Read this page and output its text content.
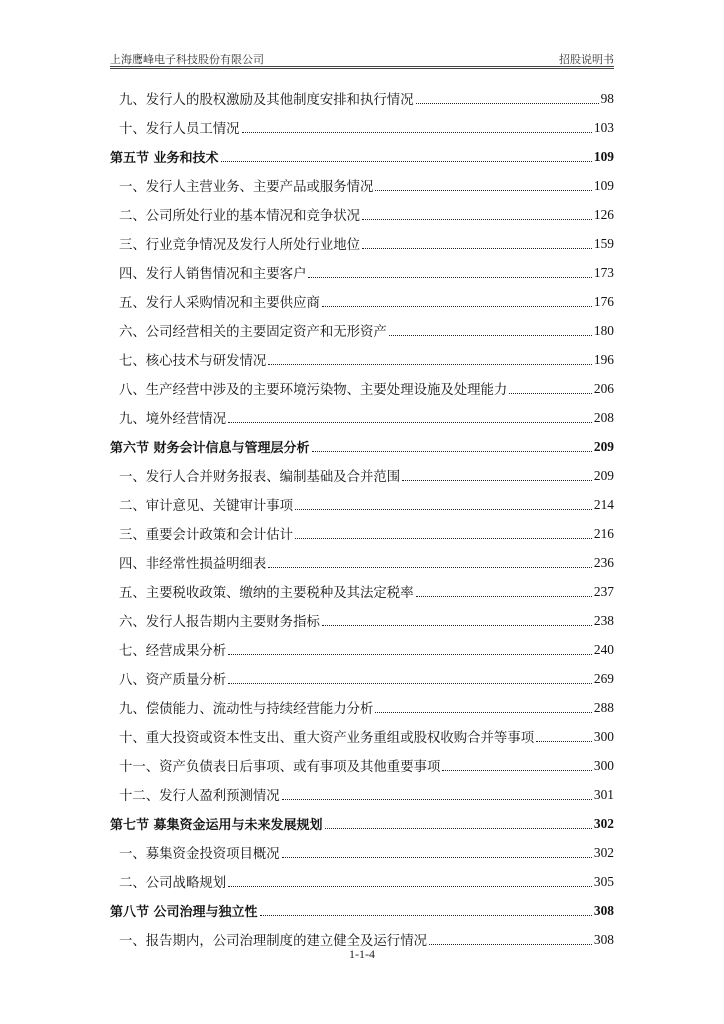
上海鹰峰电子科技股份有限公司	招股说明书
九、发行人的股权激励及其他制度安排和执行情况	98
十、发行人员工情况	103
第五节 业务和技术	109
一、发行人主营业务、主要产品或服务情况	109
二、公司所处行业的基本情况和竞争状况	126
三、行业竞争情况及发行人所处行业地位	159
四、发行人销售情况和主要客户	173
五、发行人采购情况和主要供应商	176
六、公司经营相关的主要固定资产和无形资产	180
七、核心技术与研发情况	196
八、生产经营中涉及的主要环境污染物、主要处理设施及处理能力	206
九、境外经营情况	208
第六节 财务会计信息与管理层分析	209
一、发行人合并财务报表、编制基础及合并范围	209
二、审计意见、关键审计事项	214
三、重要会计政策和会计估计	216
四、非经常性损益明细表	236
五、主要税收政策、缴纳的主要税种及其法定税率	237
六、发行人报告期内主要财务指标	238
七、经营成果分析	240
八、资产质量分析	269
九、偿债能力、流动性与持续经营能力分析	288
十、重大投资或资本性支出、重大资产业务重组或股权收购合并等事项	300
十一、资产负债表日后事项、或有事项及其他重要事项	300
十二、发行人盈利预测情况	301
第七节 募集资金运用与未来发展规划	302
一、募集资金投资项目概况	302
二、公司战略规划	305
第八节 公司治理与独立性	308
一、报告期内，公司治理制度的建立健全及运行情况	308
1-1-4
